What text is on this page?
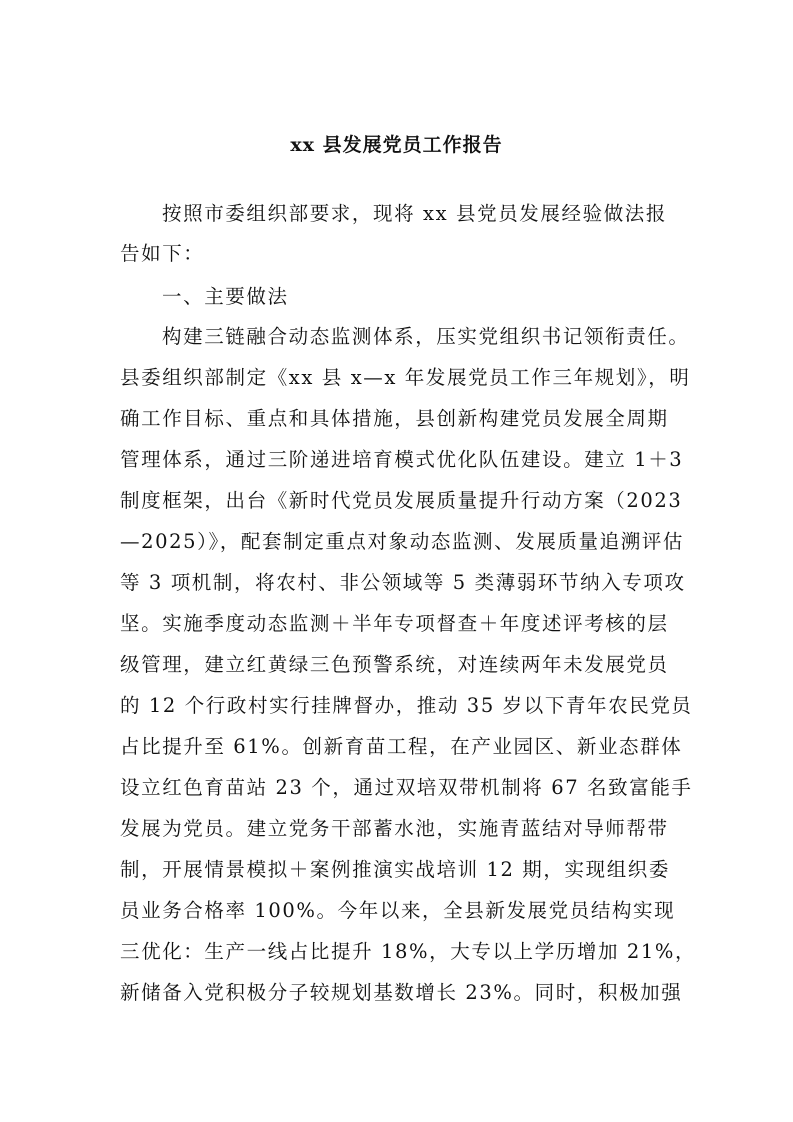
xx 县发展党员工作报告
按照市委组织部要求，现将 xx 县党员发展经验做法报
告如下：
一、主要做法
构建三链融合动态监测体系，压实党组织书记领衔责任。
县委组织部制定《xx 县 x—x 年发展党员工作三年规划》，明
确工作目标、重点和具体措施，县创新构建党员发展全周期
管理体系，通过三阶递进培育模式优化队伍建设。建立 1＋3
制度框架，出台《新时代党员发展质量提升行动方案（2023
—2025）》，配套制定重点对象动态监测、发展质量追溯评估
等 3 项机制，将农村、非公领域等 5 类薄弱环节纳入专项攻
坚。实施季度动态监测＋半年专项督查＋年度述评考核的层
级管理，建立红黄绿三色预警系统，对连续两年未发展党员
的 12 个行政村实行挂牌督办，推动 35 岁以下青年农民党员
占比提升至 61%。创新育苗工程，在产业园区、新业态群体
设立红色育苗站 23 个，通过双培双带机制将 67 名致富能手
发展为党员。建立党务干部蓄水池，实施青蓝结对导师帮带
制，开展情景模拟＋案例推演实战培训 12 期，实现组织委
员业务合格率 100%。今年以来，全县新发展党员结构实现
三优化：生产一线占比提升 18%，大专以上学历增加 21%，
新储备入党积极分子较规划基数增长 23%。同时，积极加强
